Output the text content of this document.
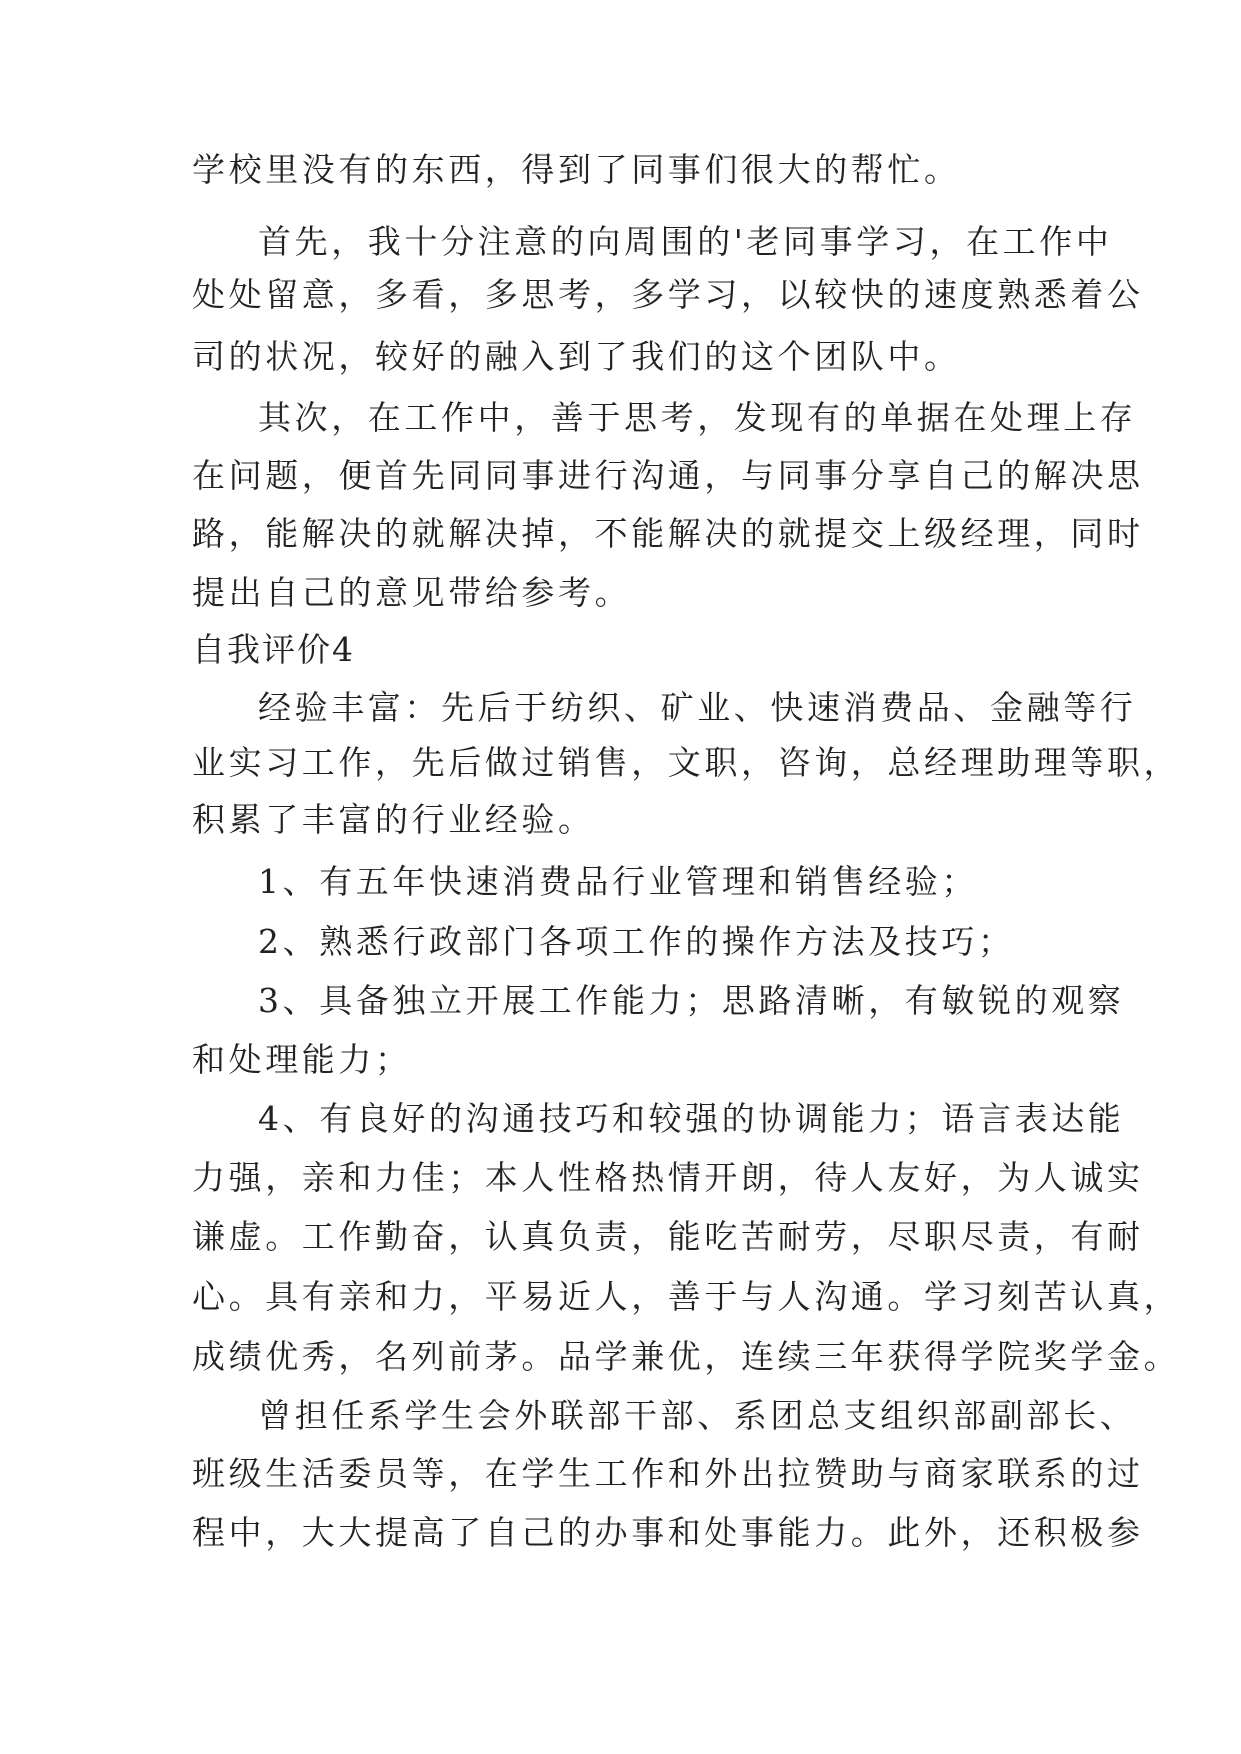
学校里没有的东西，得到了同事们很大的帮忙。
首先，我十分注意的向周围的'老同事学习，在工作中
处处留意，多看，多思考，多学习，以较快的速度熟悉着公
司的状况，较好的融入到了我们的这个团队中。
其次，在工作中，善于思考，发现有的单据在处理上存
在问题，便首先同同事进行沟通，与同事分享自己的解决思
路，能解决的就解决掉，不能解决的就提交上级经理，同时
提出自己的意见带给参考。
自我评价4
经验丰富：先后于纺织、矿业、快速消费品、金融等行
业实习工作，先后做过销售，文职，咨询，总经理助理等职，
积累了丰富的行业经验。
1、有五年快速消费品行业管理和销售经验；
2、熟悉行政部门各项工作的操作方法及技巧；
3、具备独立开展工作能力；思路清晰，有敏锐的观察
和处理能力；
4、有良好的沟通技巧和较强的协调能力；语言表达能
力强，亲和力佳；本人性格热情开朗，待人友好，为人诚实
谦虚。工作勤奋，认真负责，能吃苦耐劳，尽职尽责，有耐
心。具有亲和力，平易近人，善于与人沟通。学习刻苦认真，
成绩优秀，名列前茅。品学兼优，连续三年获得学院奖学金。
曾担任系学生会外联部干部、系团总支组织部副部长、
班级生活委员等，在学生工作和外出拉赞助与商家联系的过
程中，大大提高了自己的办事和处事能力。此外，还积极参
